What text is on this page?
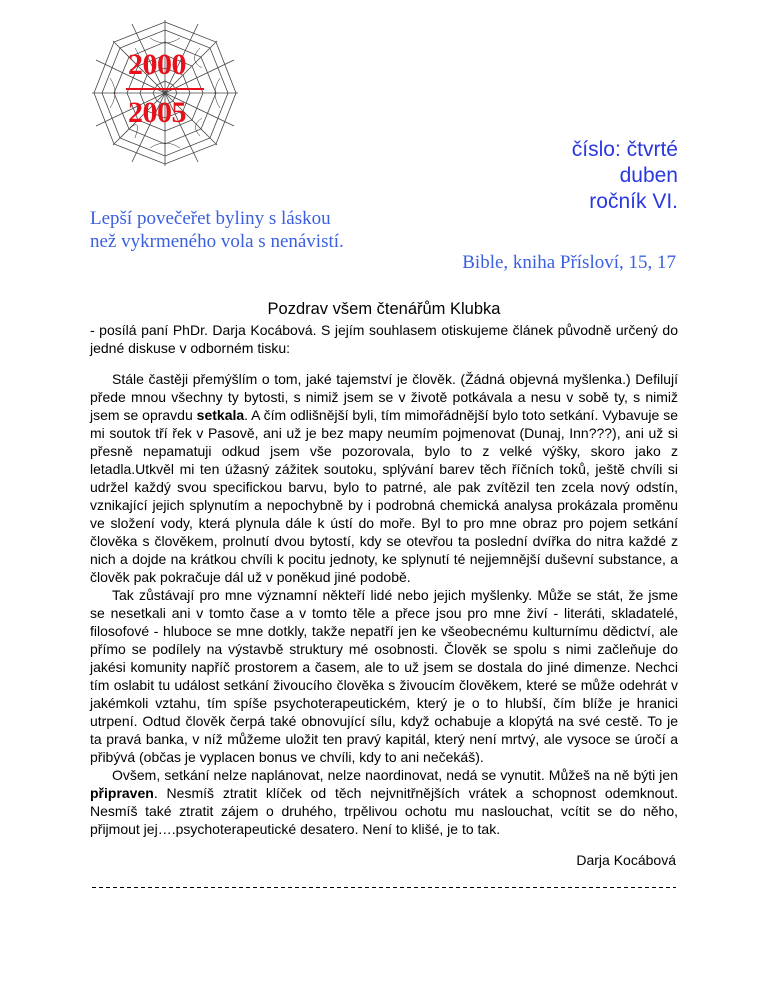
2000
2005
číslo: čtvrté
duben
ročník VI.
Lepší povečeřet byliny s láskou
než vykrmeného vola s nenávistí.
Bible, kniha Přísloví, 15, 17
Pozdrav všem čtenářům Klubka
- posílá paní PhDr. Darja Kocábová. S jejím souhlasem otiskujeme článek původně určený do jedné diskuse v odborném tisku:

Stále častěji přemýšlím o tom, jaké tajemství je člověk. (Žádná objevná myšlenka.) Defilují přede mnou všechny ty bytosti, s nimiž jsem se v životě potkávala a nesu v sobě ty, s nimiž jsem se opravdu setkala. A čím odlišnější byli, tím mimořádnější bylo toto setkání. Vybavuje se mi soutok tří řek v Pasově, ani už je bez mapy neumím pojmenovat (Dunaj, Inn???), ani už si přesně nepamatuji odkud jsem vše pozorovala, bylo to z velké výšky, skoro jako z letadla.Utkvěl mi ten úžasný zážitek soutoku, splývání barev těch říčních toků, ještě chvíli si udržel každý svou specifickou barvu, bylo to patrné, ale pak zvítězil ten zcela nový odstín, vznikající jejich splynutím a nepochybně by i podrobná chemická analysa prokázala proměnu ve složení vody, která plynula dále k ústí do moře. Byl to pro mne obraz pro pojem setkání člověka s člověkem, prolnutí dvou bytostí, kdy se otevřou ta poslední dvířka do nitra každé z nich a dojde na krátkou chvíli k pocitu jednoty, ke splynutí té nejjemnější duševní substance, a člověk pak pokračuje dál už v poněkud jiné podobě.

Tak zůstávají pro mne významní někteří lidé nebo jejich myšlenky. Může se stát, že jsme se nesetkali ani v tomto čase a v tomto těle a přece jsou pro mne živí - literáti, skladatelé, filosofové - hluboce se mne dotkly, takže nepatří jen ke všeobecnému kulturnímu dědictví, ale přímo se podílely na výstavbě struktury mé osobnosti. Člověk se spolu s nimi začleňuje do jakési komunity napříč prostorem a časem, ale to už jsem se dostala do jiné dimenze. Nechci tím oslabit tu událost setkání živoucího člověka s živoucím člověkem, které se může odehrát v jakémkoli vztahu, tím spíše psychoterapeutickém, který je o to hlubší, čím blíže je hranici utrpení. Odtud člověk čerpá také obnovující sílu, když ochabuje a klopýtá na své cestě. To je ta pravá banka, v níž můžeme uložit ten pravý kapitál, který není mrtvý, ale vysoce se úročí a přibývá (občas je vyplacen bonus ve chvíli, kdy to ani nečekáš).

Ovšem, setkání nelze naplánovat, nelze naordinovat, nedá se vynutit. Můžeš na ně býti jen připraven. Nesmíš ztratit klíček od těch nejvnitřnějších vrátek a schopnost odemknout. Nesmíš také ztratit zájem o druhého, trpělivou ochotu mu naslouchat, vcítit se do něho, přijmout jej….psychoterapeutické desatero. Není to klišé, je to tak.

Darja Kocábová
